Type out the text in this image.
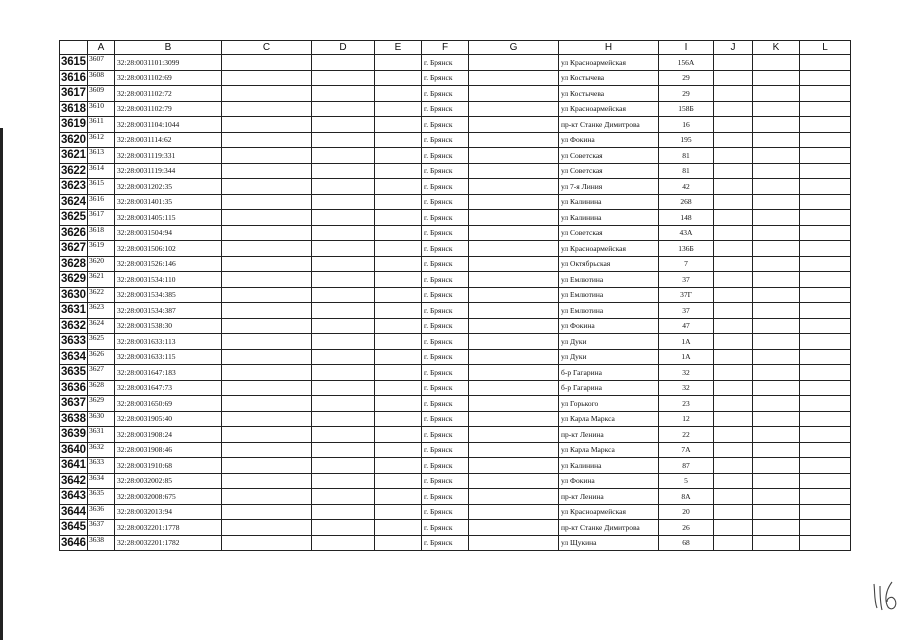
	A	B	C	D	E	F	G	H	I	J	K	L
3615	3607	32:28:0031101:3099				г. Брянск		ул Красноармейская	156А			
3616	3608	32:28:0031102:69				г. Брянск		ул Костычева	29			
3617	3609	32:28:0031102:72				г. Брянск		ул Костычева	29			
3618	3610	32:28:0031102:79				г. Брянск		ул Красноармейская	158Б			
3619	3611	32:28:0031104:1044				г. Брянск		пр-кт Станке Димитрова	16			
3620	3612	32:28:0031114:62				г. Брянск		ул Фокина	195			
3621	3613	32:28:0031119:331				г. Брянск		ул Советская	81			
3622	3614	32:28:0031119:344				г. Брянск		ул Советская	81			
3623	3615	32:28:0031202:35				г. Брянск		ул 7-я Линия	42			
3624	3616	32:28:0031401:35				г. Брянск		ул Калинина	268			
3625	3617	32:28:0031405:115				г. Брянск		ул Калинина	148			
3626	3618	32:28:0031504:94				г. Брянск		ул Советская	43А			
3627	3619	32:28:0031506:102				г. Брянск		ул Красноармейская	136Б			
3628	3620	32:28:0031526:146				г. Брянск		ул Октябрьская	7			
3629	3621	32:28:0031534:110				г. Брянск		ул Емлютина	37			
3630	3622	32:28:0031534:385				г. Брянск		ул Емлютина	37Г			
3631	3623	32:28:0031534:387				г. Брянск		ул Емлютина	37			
3632	3624	32:28:0031538:30				г. Брянск		ул Фокина	47			
3633	3625	32:28:0031633:113				г. Брянск		ул Дуки	1А			
3634	3626	32:28:0031633:115				г. Брянск		ул Дуки	1А			
3635	3627	32:28:0031647:183				г. Брянск		б-р Гагарина	32			
3636	3628	32:28:0031647:73				г. Брянск		б-р Гагарина	32			
3637	3629	32:28:0031650:69				г. Брянск		ул Горького	23			
3638	3630	32:28:0031905:40				г. Брянск		ул Карла Маркса	12			
3639	3631	32:28:0031908:24				г. Брянск		пр-кт Ленина	22			
3640	3632	32:28:0031908:46				г. Брянск		ул Карла Маркса	7А			
3641	3633	32:28:0031910:68				г. Брянск		ул Калинина	87			
3642	3634	32:28:0032002:85				г. Брянск		ул Фокина	5			
3643	3635	32:28:0032008:675				г. Брянск		пр-кт Ленина	8А			
3644	3636	32:28:0032013:94				г. Брянск		ул Красноармейская	20			
3645	3637	32:28:0032201:1778				г. Брянск		пр-кт Станке Димитрова	26			
3646	3638	32:28:0032201:1782				г. Брянск		ул Щукина	68			
